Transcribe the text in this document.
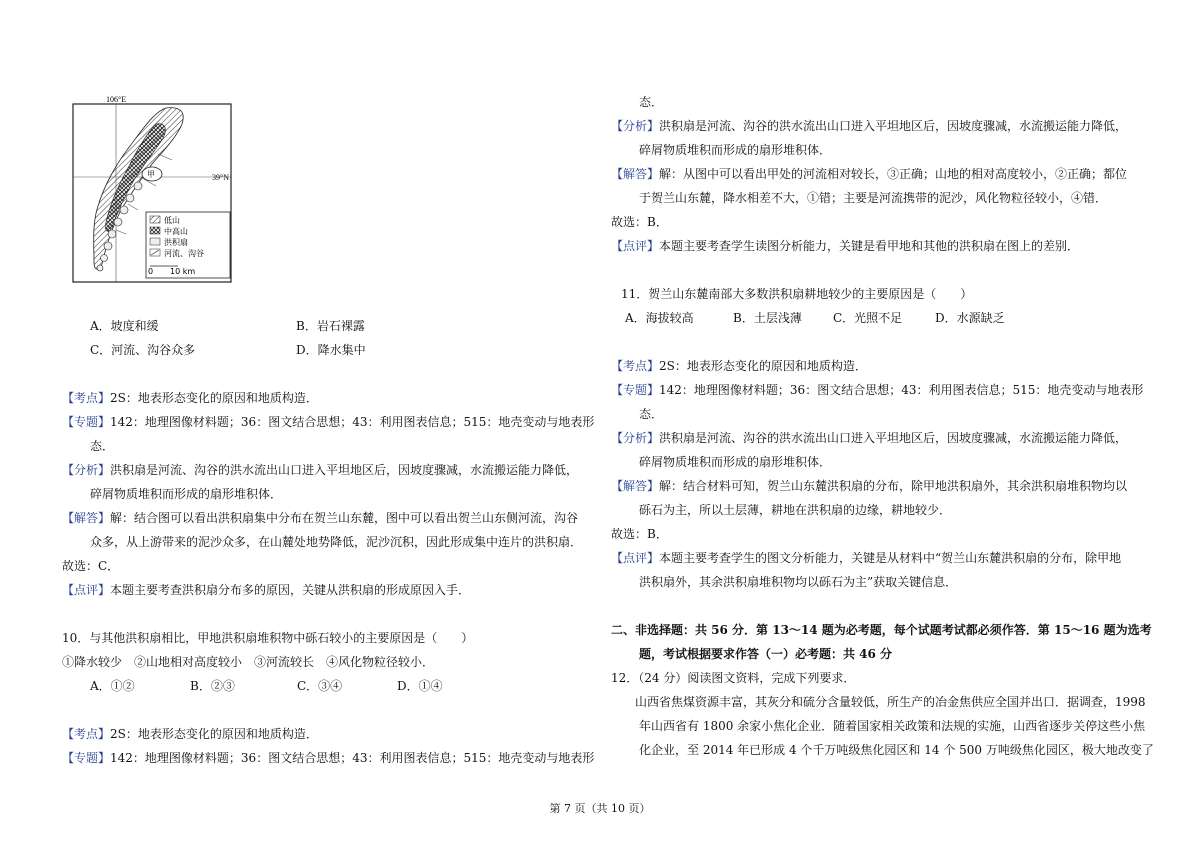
106°E
39°N
甲
低山
中高山
洪积扇
河流、沟谷
0 10 km
A．坡度和缓	B．岩石裸露
C．河流、沟谷众多	D．降水集中
【考点】2S：地表形态变化的原因和地质构造．
【专题】142：地理图像材料题；36：图文结合思想；43：利用图表信息；515：地壳变动与地表形
态．
【分析】洪积扇是河流、沟谷的洪水流出山口进入平坦地区后，因坡度骤减，水流搬运能力降低，
碎屑物质堆积而形成的扇形堆积体．
【解答】解：结合图可以看出洪积扇集中分布在贺兰山东麓，图中可以看出贺兰山东侧河流，沟谷
众多，从上游带来的泥沙众多，在山麓处地势降低，泥沙沉积，因此形成集中连片的洪积扇．
故选：C．
【点评】本题主要考查洪积扇分布多的原因，关键从洪积扇的形成原因入手．
10．与其他洪积扇相比，甲地洪积扇堆积物中砾石较小的主要原因是（　　）
①降水较少　②山地相对高度较小　③河流较长　④风化物粒径较小．
A．①②	B．②③	C．③④	D．①④
【考点】2S：地表形态变化的原因和地质构造．
【专题】142：地理图像材料题；36：图文结合思想；43：利用图表信息；515：地壳变动与地表形
态．
【分析】洪积扇是河流、沟谷的洪水流出山口进入平坦地区后，因坡度骤减，水流搬运能力降低，
碎屑物质堆积而形成的扇形堆积体．
【解答】解：从图中可以看出甲处的河流相对较长，③正确；山地的相对高度较小，②正确；都位
于贺兰山东麓，降水相差不大，①错；主要是河流携带的泥沙，风化物粒径较小，④错．
故选：B．
【点评】本题主要考查学生读图分析能力，关键是看甲地和其他的洪积扇在图上的差别．
11．贺兰山东麓南部大多数洪积扇耕地较少的主要原因是（　　）
A．海拔较高	B．土层浅薄	C．光照不足	D．水源缺乏
【考点】2S：地表形态变化的原因和地质构造．
【专题】142：地理图像材料题；36：图文结合思想；43：利用图表信息；515：地壳变动与地表形
态．
【分析】洪积扇是河流、沟谷的洪水流出山口进入平坦地区后，因坡度骤减，水流搬运能力降低，
碎屑物质堆积而形成的扇形堆积体．
【解答】解：结合材料可知，贺兰山东麓洪积扇的分布，除甲地洪积扇外，其余洪积扇堆积物均以
砾石为主，所以土层薄，耕地在洪积扇的边缘，耕地较少．
故选：B．
【点评】本题主要考查学生的图文分析能力，关键是从材料中“贺兰山东麓洪积扇的分布，除甲地
洪积扇外，其余洪积扇堆积物均以砾石为主”获取关键信息．
二、非选择题：共 56 分．第 13～14 题为必考题，每个试题考试都必须作答．第 15～16 题为选考
题，考试根据要求作答（一）必考题：共 46 分
12．（24 分）阅读图文资料，完成下列要求．
山西省焦煤资源丰富，其灰分和硫分含量较低，所生产的冶金焦供应全国并出口．据调查，1998
年山西省有 1800 余家小焦化企业．随着国家相关政策和法规的实施，山西省逐步关停这些小焦
化企业，至 2014 年已形成 4 个千万吨级焦化园区和 14 个 500 万吨级焦化园区，极大地改变了
第 7 页（共 10 页）
